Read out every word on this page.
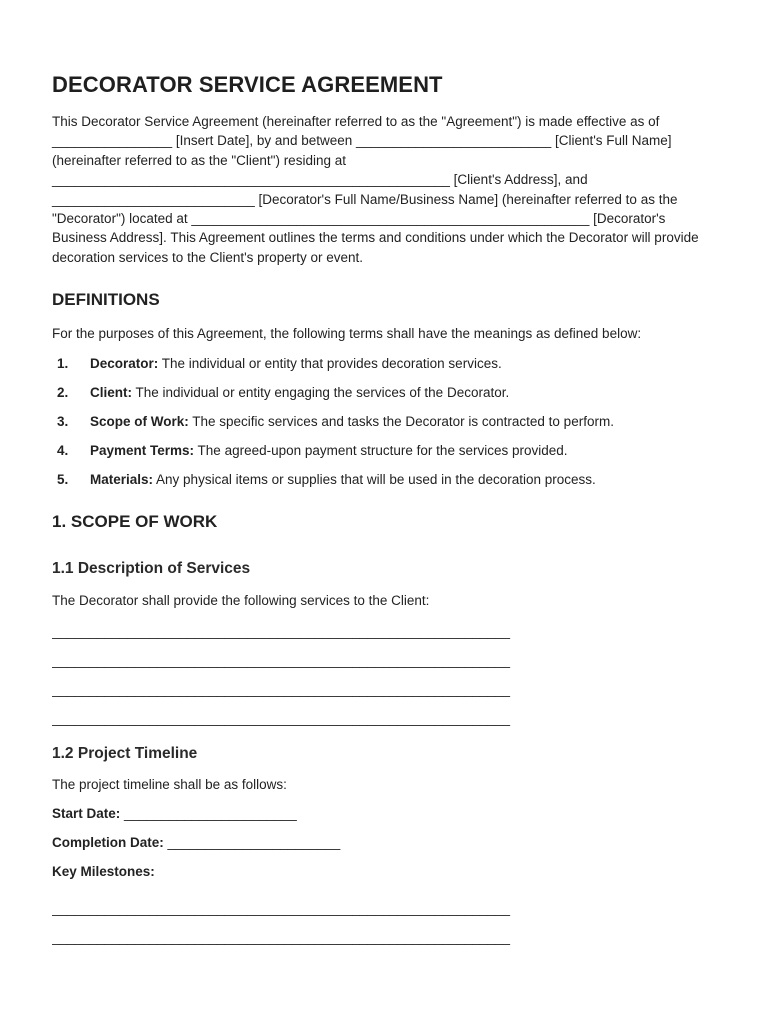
DECORATOR SERVICE AGREEMENT

This Decorator Service Agreement (hereinafter referred to as the "Agreement") is made effective as of ________________ [Insert Date], by and between __________________________ [Client's Full Name] (hereinafter referred to as the "Client") residing at _____________________________________________________ [Client's Address], and ___________________________ [Decorator's Full Name/Business Name] (hereinafter referred to as the "Decorator") located at _____________________________________________________ [Decorator's Business Address]. This Agreement outlines the terms and conditions under which the Decorator will provide decoration services to the Client's property or event.

DEFINITIONS

For the purposes of this Agreement, the following terms shall have the meanings as defined below:

1. Decorator: The individual or entity that provides decoration services.
2. Client: The individual or entity engaging the services of the Decorator.
3. Scope of Work: The specific services and tasks the Decorator is contracted to perform.
4. Payment Terms: The agreed-upon payment structure for the services provided.
5. Materials: Any physical items or supplies that will be used in the decoration process.
1. SCOPE OF WORK
1.1 Description of Services

The Decorator shall provide the following services to the Client:

_____________________________________________________________
_____________________________________________________________
_____________________________________________________________
_____________________________________________________________
1.2 Project Timeline

The project timeline shall be as follows:

Start Date: _______________________
Completion Date: _______________________
Key Milestones:
_____________________________________________________________
_____________________________________________________________
